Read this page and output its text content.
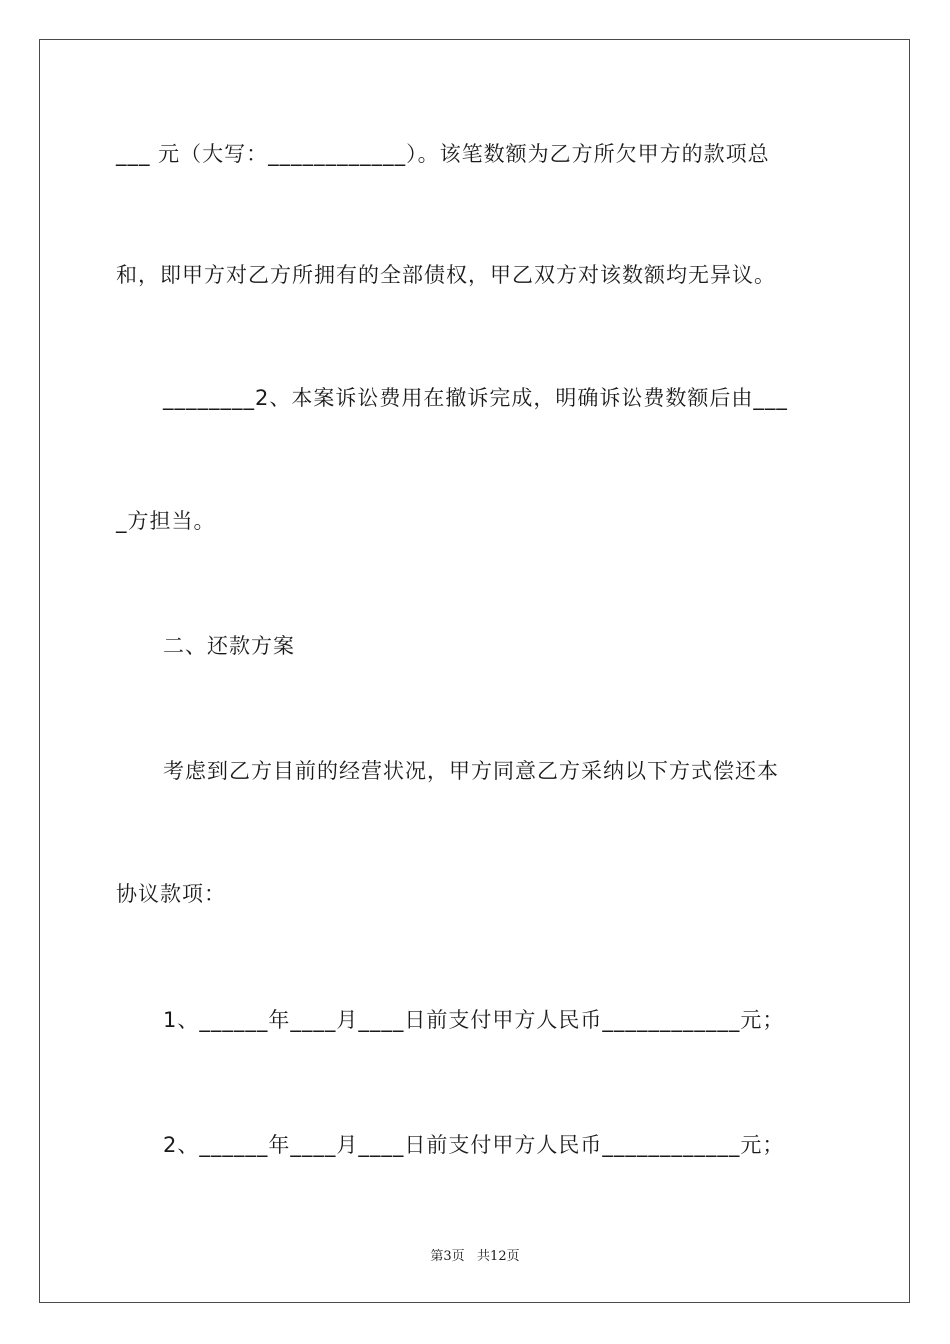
___ 元（大写：____________）。该笔数额为乙方所欠甲方的款项总
和，即甲方对乙方所拥有的全部债权，甲乙双方对该数额均无异议。
________2、本案诉讼费用在撤诉完成，明确诉讼费数额后由___
_方担当。
二、还款方案
考虑到乙方目前的经营状况，甲方同意乙方采纳以下方式偿还本
协议款项：
1、______年____月____日前支付甲方人民币____________元；
2、______年____月____日前支付甲方人民币____________元；
第3页   共12页
